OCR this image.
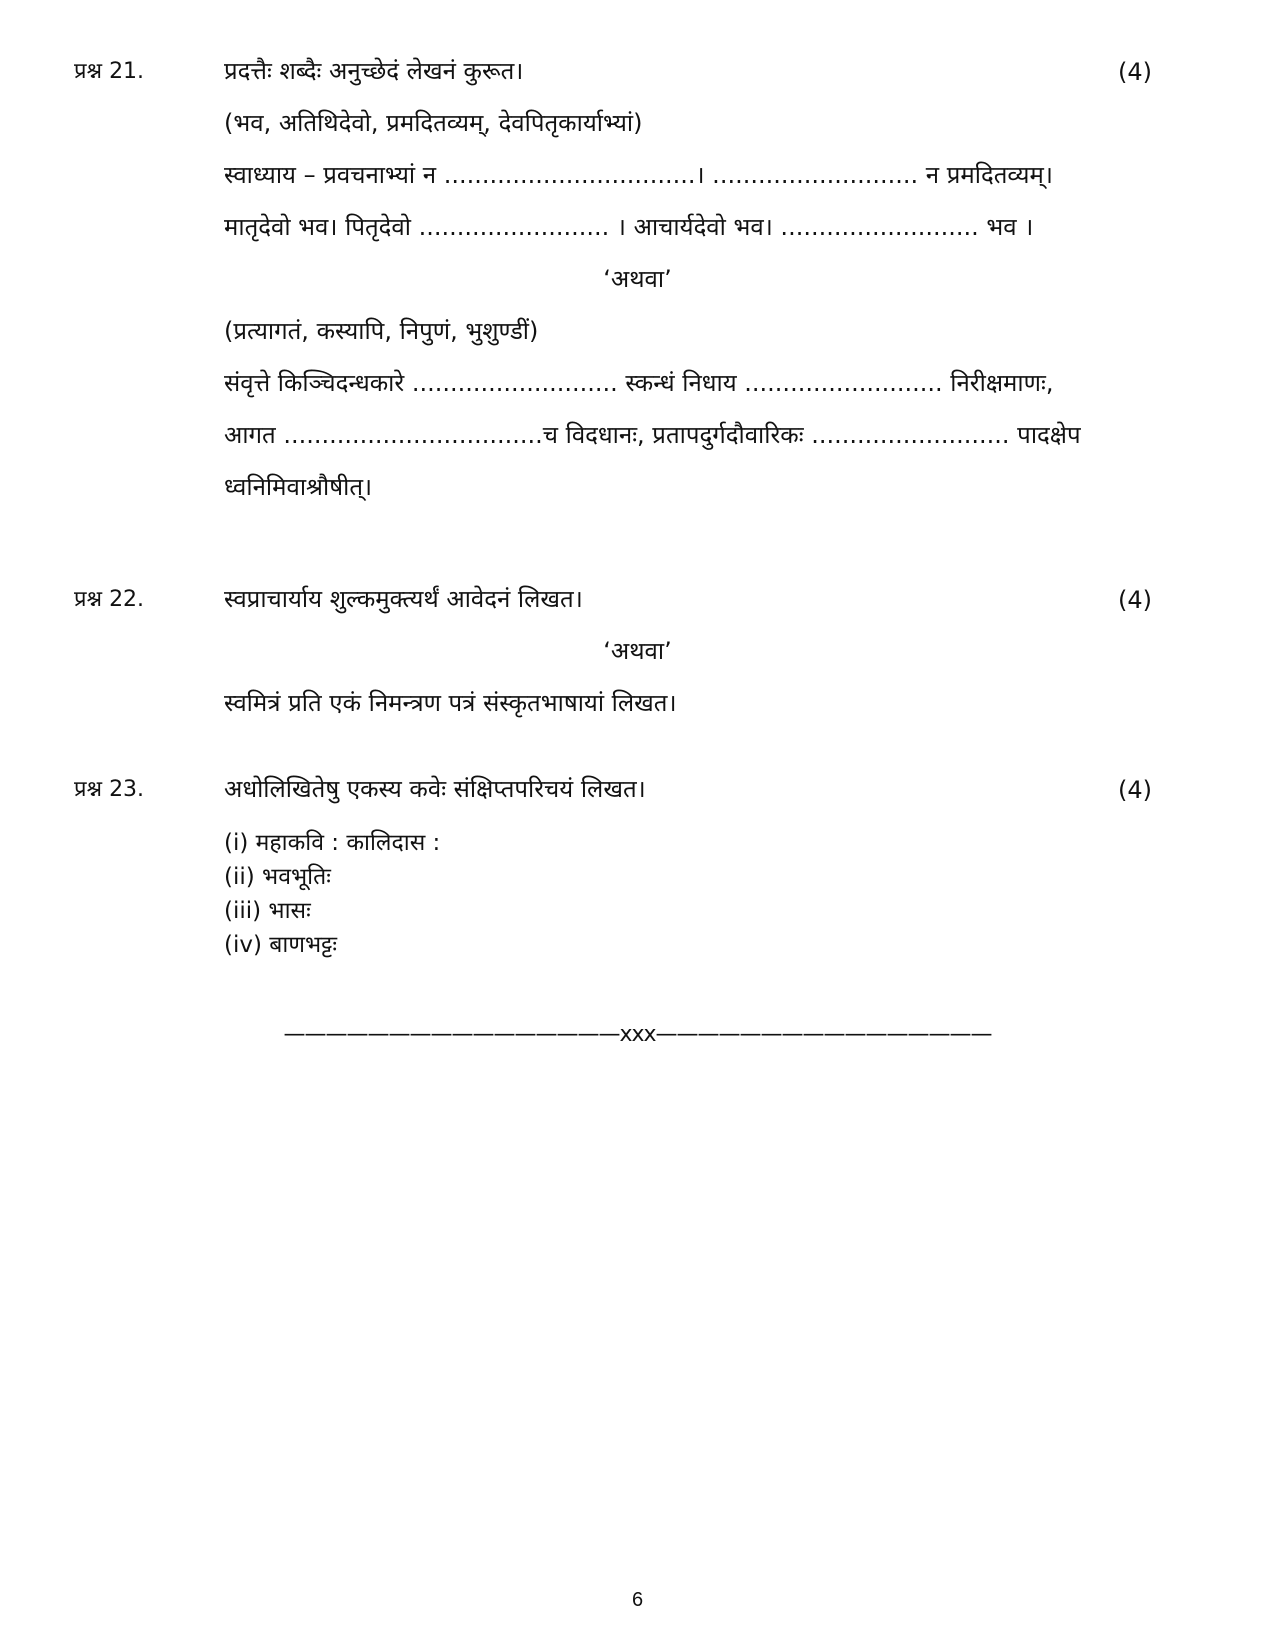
प्रश्न 21.	प्रदत्तैः शब्दैः अनुच्छेदं लेखनं कुरूत।	(4)
(भव, अतिथिदेवो, प्रमदितव्यम्, देवपितृकार्याभ्यां)
स्वाध्याय – प्रवचनाभ्यां न .................................। ........................... न प्रमदितव्यम्।
मातृदेवो भव। पितृदेवो ......................... । आचार्यदेवो भव। .......................... भव ।
‘अथवा’
(प्रत्यागतं, कस्यापि, निपुणं, भुशुण्डीं)
संवृत्ते किञ्चिदन्धकारे ........................... स्कन्धं निधाय .......................... निरीक्षमाणः,
आगत ..................................च विदधानः, प्रतापदुर्गदौवारिकः .......................... पादक्षेप
ध्वनिमिवाश्रौषीत्।
प्रश्न 22.	स्वप्राचार्याय शुल्कमुक्त्यर्थं आवेदनं लिखत।	(4)
‘अथवा’
स्वमित्रं प्रति एकं निमन्त्रण पत्रं संस्कृतभाषायां लिखत।
प्रश्न 23.	अधोलिखितेषु एकस्य कवेः संक्षिप्तपरिचयं लिखत।	(4)
(i) महाकवि : कालिदास :
(ii) भवभूतिः
(iii) भासः
(iv) बाणभट्टः
————————————————xxx————————————————
6
